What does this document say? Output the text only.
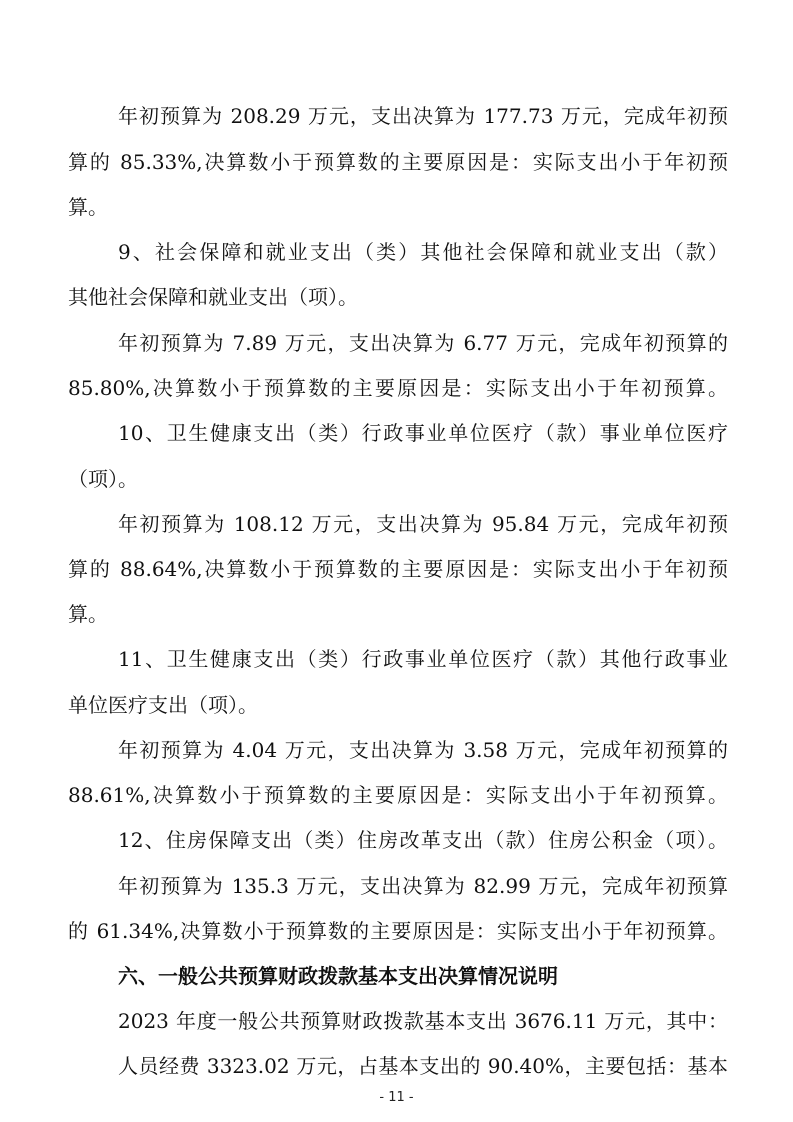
年初预算为 208.29 万元，支出决算为 177.73 万元，完成年初预
算的 85.33%,决算数小于预算数的主要原因是：实际支出小于年初预
算。
9、社会保障和就业支出（类）其他社会保障和就业支出（款）
其他社会保障和就业支出（项）。
年初预算为 7.89 万元，支出决算为 6.77 万元，完成年初预算的
85.80%,决算数小于预算数的主要原因是：实际支出小于年初预算。
10、卫生健康支出（类）行政事业单位医疗（款）事业单位医疗
（项）。
年初预算为 108.12 万元，支出决算为 95.84 万元，完成年初预
算的 88.64%,决算数小于预算数的主要原因是：实际支出小于年初预
算。
11、卫生健康支出（类）行政事业单位医疗（款）其他行政事业
单位医疗支出（项）。
年初预算为 4.04 万元，支出决算为 3.58 万元，完成年初预算的
88.61%,决算数小于预算数的主要原因是：实际支出小于年初预算。
12、住房保障支出（类）住房改革支出（款）住房公积金（项）。
年初预算为 135.3 万元，支出决算为 82.99 万元，完成年初预算
的 61.34%,决算数小于预算数的主要原因是：实际支出小于年初预算。
六、一般公共预算财政拨款基本支出决算情况说明
2023 年度一般公共预算财政拨款基本支出 3676.11 万元，其中：
人员经费 3323.02 万元，占基本支出的 90.40%，主要包括：基本
- 11 -
